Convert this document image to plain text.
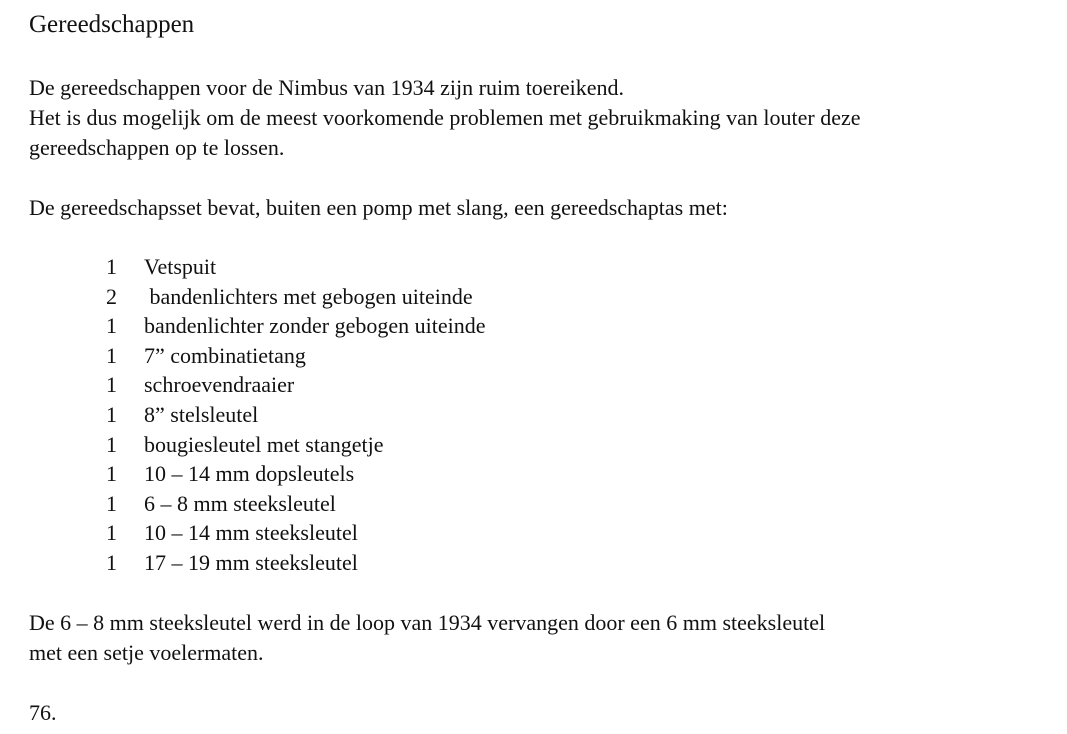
Gereedschappen
De gereedschappen voor de Nimbus van 1934 zijn ruim toereikend.
Het is dus mogelijk om de meest voorkomende problemen met gebruikmaking van louter deze
gereedschappen op te lossen.
De gereedschapsset bevat, buiten een pomp met slang, een gereedschaptas met:
1	Vetspuit
2	bandenlichters met gebogen uiteinde
1	bandenlichter zonder gebogen uiteinde
1	7” combinatietang
1	schroevendraaier
1	8” stelsleutel
1	bougiesleutel met stangetje
1	10 – 14 mm dopsleutels
1	6 – 8 mm steeksleutel
1	10 – 14 mm steeksleutel
1	17 – 19 mm steeksleutel
De 6 – 8 mm steeksleutel werd in de loop van 1934 vervangen door een 6 mm steeksleutel
met een setje voelermaten.
76.
